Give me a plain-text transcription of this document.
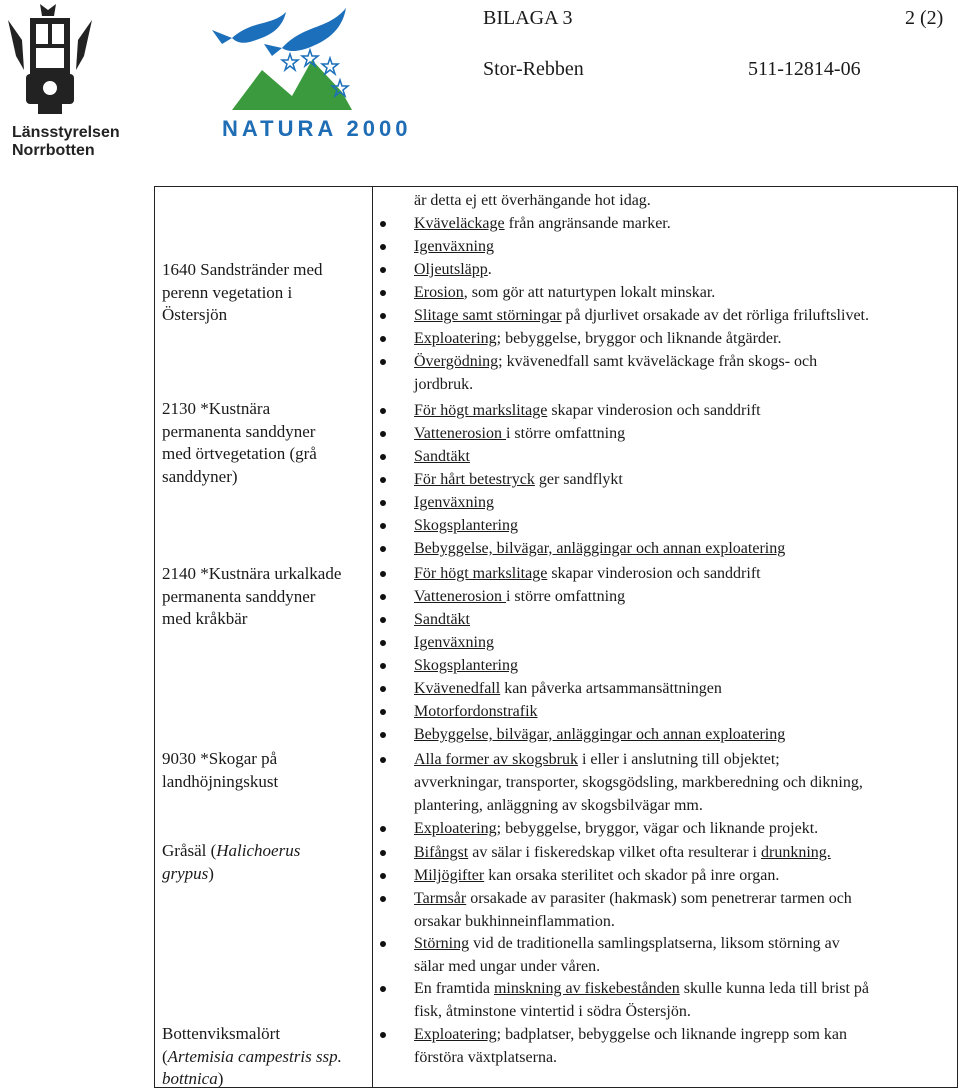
Länsstyrelsen
Norrbotten
NATURA 2000
BILAGA 3	2 (2)
Stor-Rebben	511-12814-06
1640 Sandstränder med
perenn vegetation i
Östersjön
2130 *Kustnära
permanenta sanddyner
med örtvegetation (grå
sanddyner)
2140 *Kustnära urkalkade
permanenta sanddyner
med kråkbär
9030 *Skogar på
landhöjningskust
Gråsäl (Halichoerus
grypus)
Bottenviksmalört
(Artemisia campestris ssp.
bottnica)
är detta ej ett överhängande hot idag.
Kväveläckage från angränsande marker.
Igenväxning
Oljeutsläpp.
Erosion, som gör att naturtypen lokalt minskar.
Slitage samt störningar på djurlivet orsakade av det rörliga friluftslivet.
Exploatering; bebyggelse, bryggor och liknande åtgärder.
Övergödning; kvävenedfall samt kväveläckage från skogs- och
jordbruk.
För högt markslitage skapar vinderosion och sanddrift
Vattenerosion i större omfattning
Sandtäkt
För hårt betestryck ger sandflykt
Igenväxning
Skogsplantering
Bebyggelse, bilvägar, anläggingar och annan exploatering
För högt markslitage skapar vinderosion och sanddrift
Vattenerosion i större omfattning
Sandtäkt
Igenväxning
Skogsplantering
Kvävenedfall kan påverka artsammansättningen
Motorfordonstrafik
Bebyggelse, bilvägar, anläggingar och annan exploatering
Alla former av skogsbruk i eller i anslutning till objektet;
avverkningar, transporter, skogsgödsling, markberedning och dikning,
plantering, anläggning av skogsbilvägar mm.
Exploatering; bebyggelse, bryggor, vägar och liknande projekt.
Bifångst av sälar i fiskeredskap vilket ofta resulterar i drunkning.
Miljögifter kan orsaka sterilitet och skador på inre organ.
Tarmsår orsakade av parasiter (hakmask) som penetrerar tarmen och
orsakar bukhinneinflammation.
Störning vid de traditionella samlingsplatserna, liksom störning av
sälar med ungar under våren.
En framtida minskning av fiskebestånden skulle kunna leda till brist på
fisk, åtminstone vintertid i södra Östersjön.
Exploatering; badplatser, bebyggelse och liknande ingrepp som kan
förstöra växtplatserna.
